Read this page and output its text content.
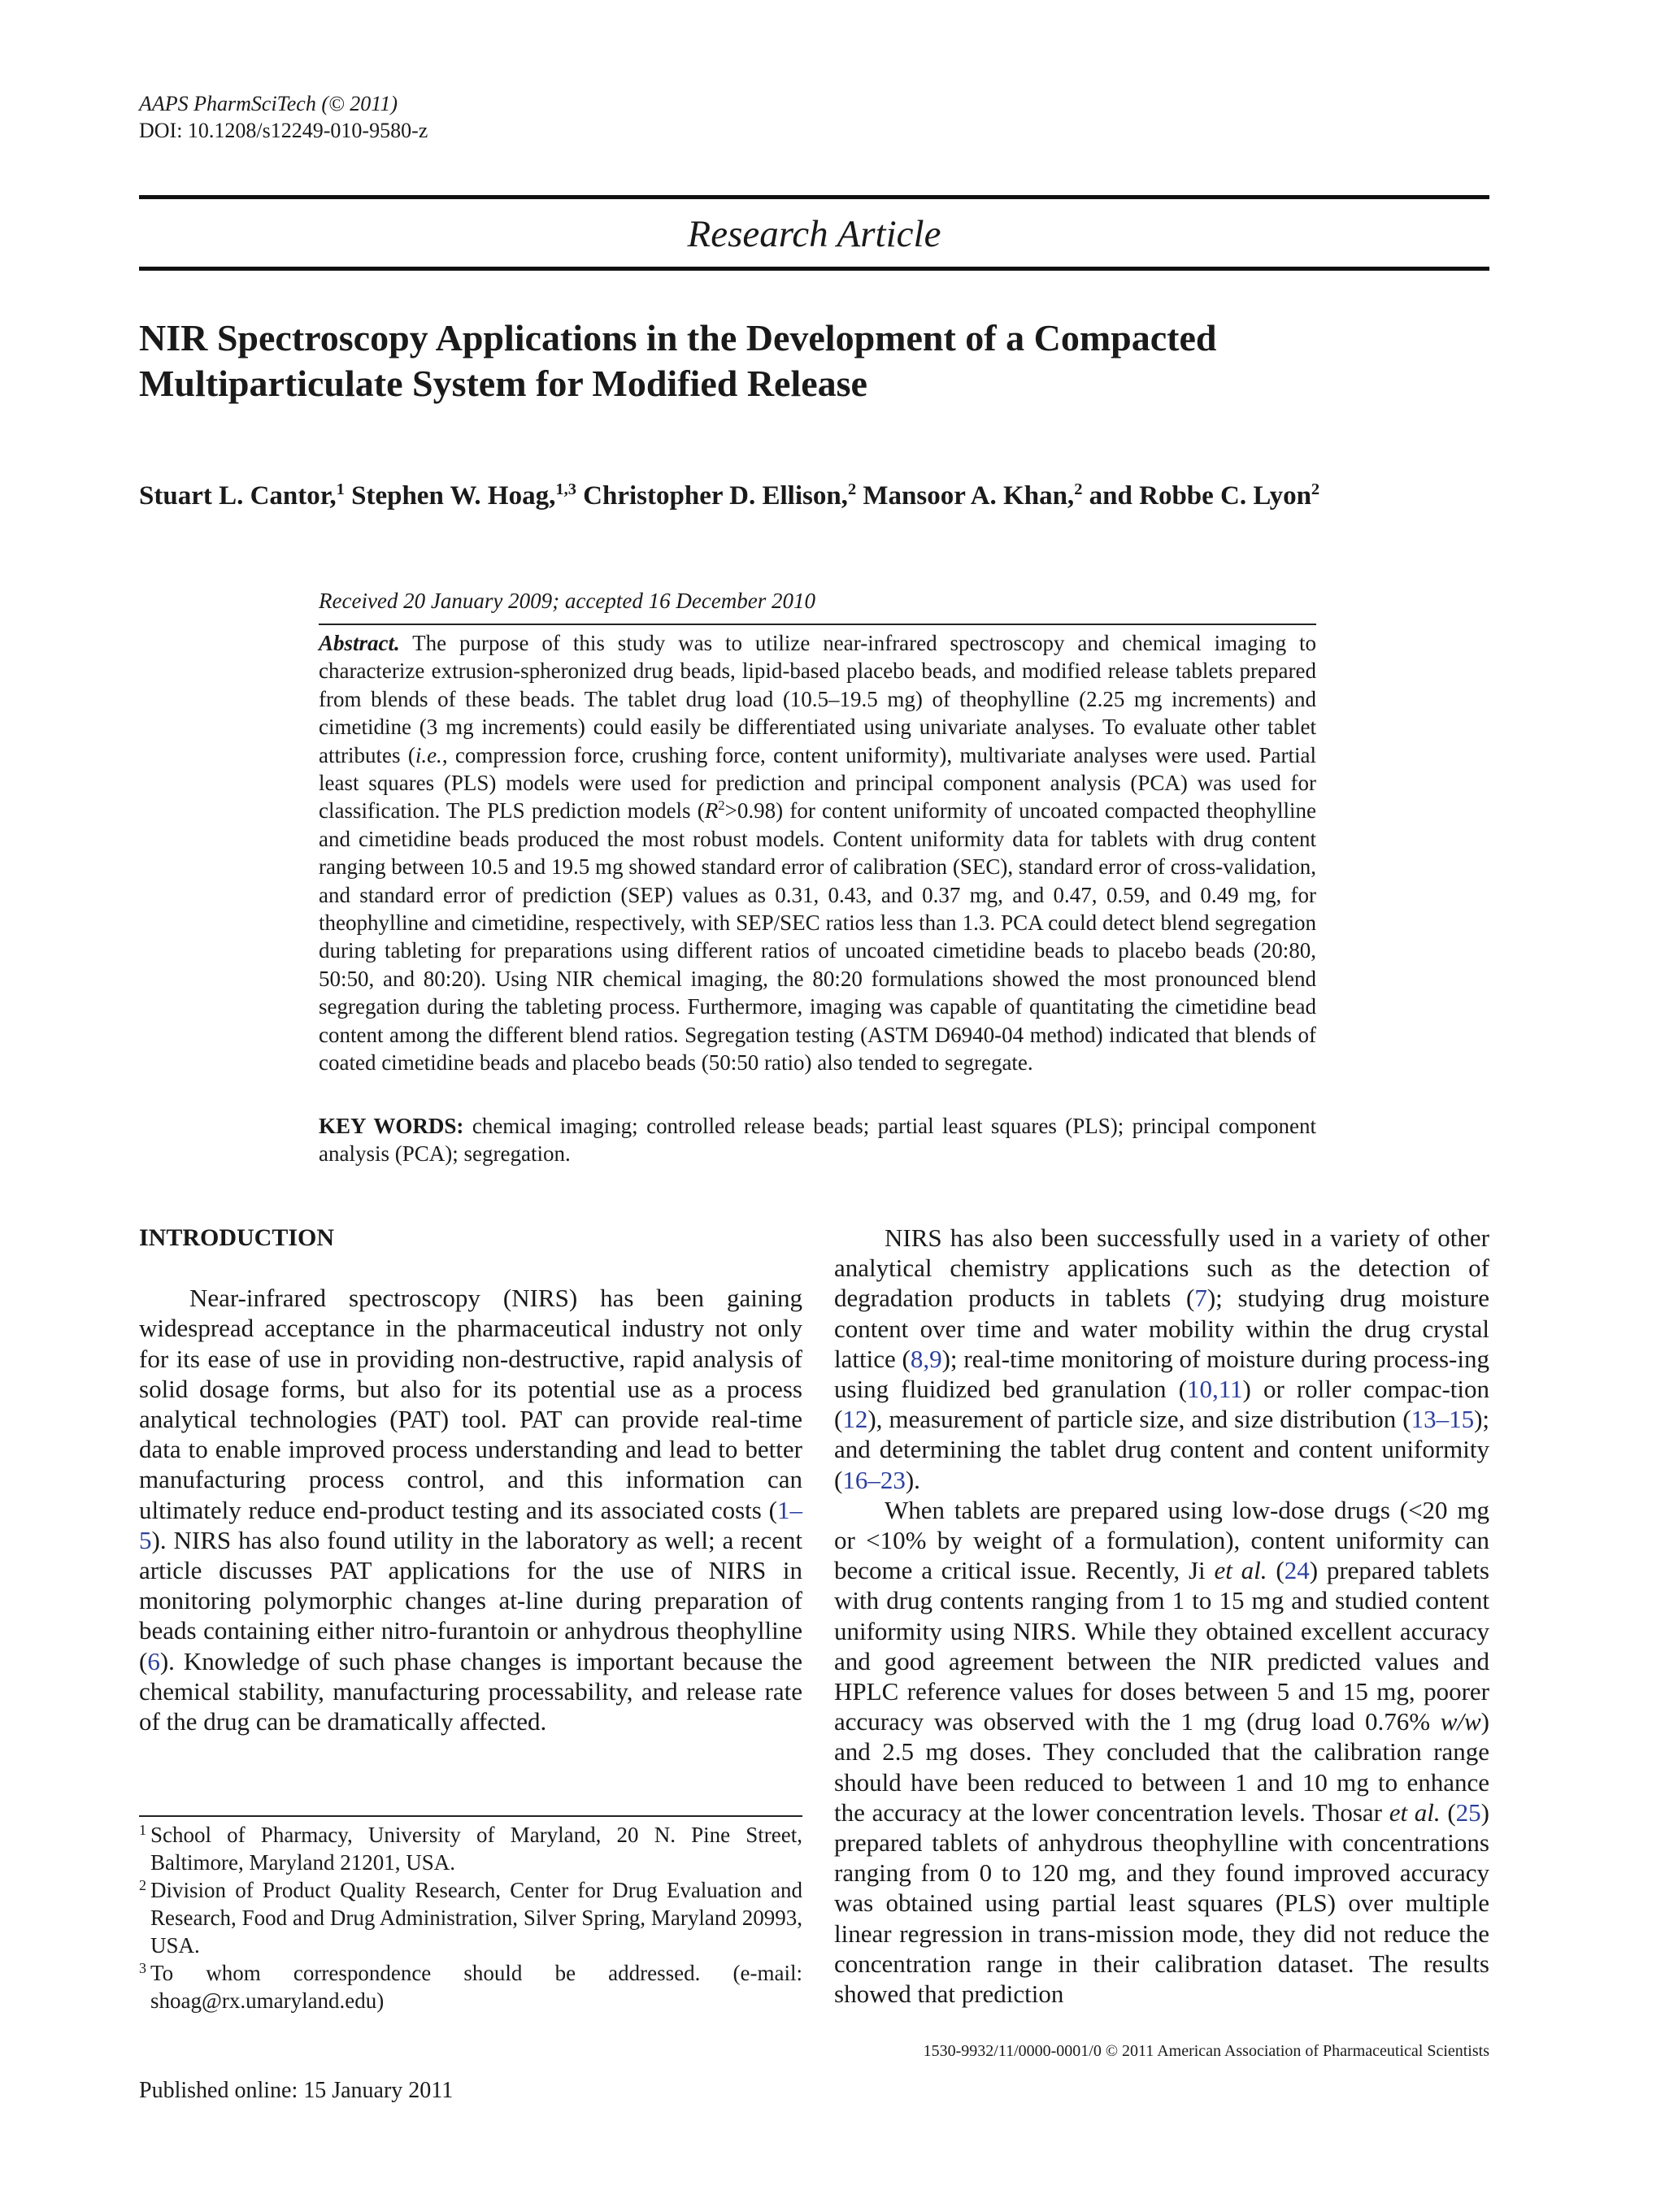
AAPS PharmSciTech (© 2011)
DOI: 10.1208/s12249-010-9580-z
Research Article
NIR Spectroscopy Applications in the Development of a Compacted Multiparticulate System for Modified Release
Stuart L. Cantor,$^1$ Stephen W. Hoag,$^{1,3}$ Christopher D. Ellison,$^2$ Mansoor A. Khan,$^2$ and Robbe C. Lyon$^2$
Received 20 January 2009; accepted 16 December 2010
Abstract. The purpose of this study was to utilize near-infrared spectroscopy and chemical imaging to characterize extrusion-spheronized drug beads, lipid-based placebo beads, and modified release tablets prepared from blends of these beads. The tablet drug load (10.5–19.5 mg) of theophylline (2.25 mg increments) and cimetidine (3 mg increments) could easily be differentiated using univariate analyses. To evaluate other tablet attributes (i.e., compression force, crushing force, content uniformity), multivariate analyses were used. Partial least squares (PLS) models were used for prediction and principal component analysis (PCA) was used for classification. The PLS prediction models $(R^2>0.98)$ for content uniformity of uncoated compacted theophylline and cimetidine beads produced the most robust models. Content uniformity data for tablets with drug content ranging between 10.5 and 19.5 mg showed standard error of calibration (SEC), standard error of cross-validation, and standard error of prediction (SEP) values as 0.31, 0.43, and 0.37 mg, and 0.47, 0.59, and 0.49 mg, for theophylline and cimetidine, respectively, with SEP/SEC ratios less than 1.3. PCA could detect blend segregation during tableting for preparations using different ratios of uncoated cimetidine beads to placebo beads (20:80, 50:50, and 80:20). Using NIR chemical imaging, the 80:20 formulations showed the most pronounced blend segregation during the tableting process. Furthermore, imaging was capable of quantitating the cimetidine bead content among the different blend ratios. Segregation testing (ASTM D6940-04 method) indicated that blends of coated cimetidine beads and placebo beads (50:50 ratio) also tended to segregate.
KEY WORDS: chemical imaging; controlled release beads; partial least squares (PLS); principal component analysis (PCA); segregation.
INTRODUCTION

Near-infrared spectroscopy (NIRS) has been gaining widespread acceptance in the pharmaceutical industry not only for its ease of use in providing non-destructive, rapid analysis of solid dosage forms, but also for its potential use as a process analytical technologies (PAT) tool. PAT can provide real-time data to enable improved process understanding and lead to better manufacturing process control, and this information can ultimately reduce end-product testing and its associated costs (1–5). NIRS has also found utility in the laboratory as well; a recent article discusses PAT applications for the use of NIRS in monitoring polymorphic changes at-line during preparation of beads containing either nitro-furantoin or anhydrous theophylline (6). Knowledge of such phase changes is important because the chemical stability, manufacturing processability, and release rate of the drug can be dramatically affected.

NIRS has also been successfully used in a variety of other analytical chemistry applications such as the detection of degradation products in tablets (7); studying drug moisture content over time and water mobility within the drug crystal lattice (8,9); real-time monitoring of moisture during process-ing using fluidized bed granulation (10,11) or roller compac-tion (12), measurement of particle size, and size distribution (13–15); and determining the tablet drug content and content uniformity (16–23).

When tablets are prepared using low-dose drugs (<20 mg or <10% by weight of a formulation), content uniformity can become a critical issue. Recently, Ji et al. (24) prepared tablets with drug contents ranging from 1 to 15 mg and studied content uniformity using NIRS. While they obtained excellent accuracy and good agreement between the NIR predicted values and HPLC reference values for doses between 5 and 15 mg, poorer accuracy was observed with the 1 mg (drug load 0.76% w/w) and 2.5 mg doses. They concluded that the calibration range should have been reduced to between 1 and 10 mg to enhance the accuracy at the lower concentration levels. Thosar et al. (25) prepared tablets of anhydrous theophylline with concentrations ranging from 0 to 120 mg, and they found improved accuracy was obtained using partial least squares (PLS) over multiple linear regression in trans-mission mode, they did not reduce the concentration range in their calibration dataset. The results showed that prediction

1 School of Pharmacy, University of Maryland, 20 N. Pine Street, Baltimore, Maryland 21201, USA.
2 Division of Product Quality Research, Center for Drug Evaluation and Research, Food and Drug Administration, Silver Spring, Maryland 20993, USA.
3 To whom correspondence should be addressed. (e-mail: shoag@rx.umaryland.edu)
1530-9932/11/0000-0001/0 © 2011 American Association of Pharmaceutical Scientists
Published online: 15 January 2011
